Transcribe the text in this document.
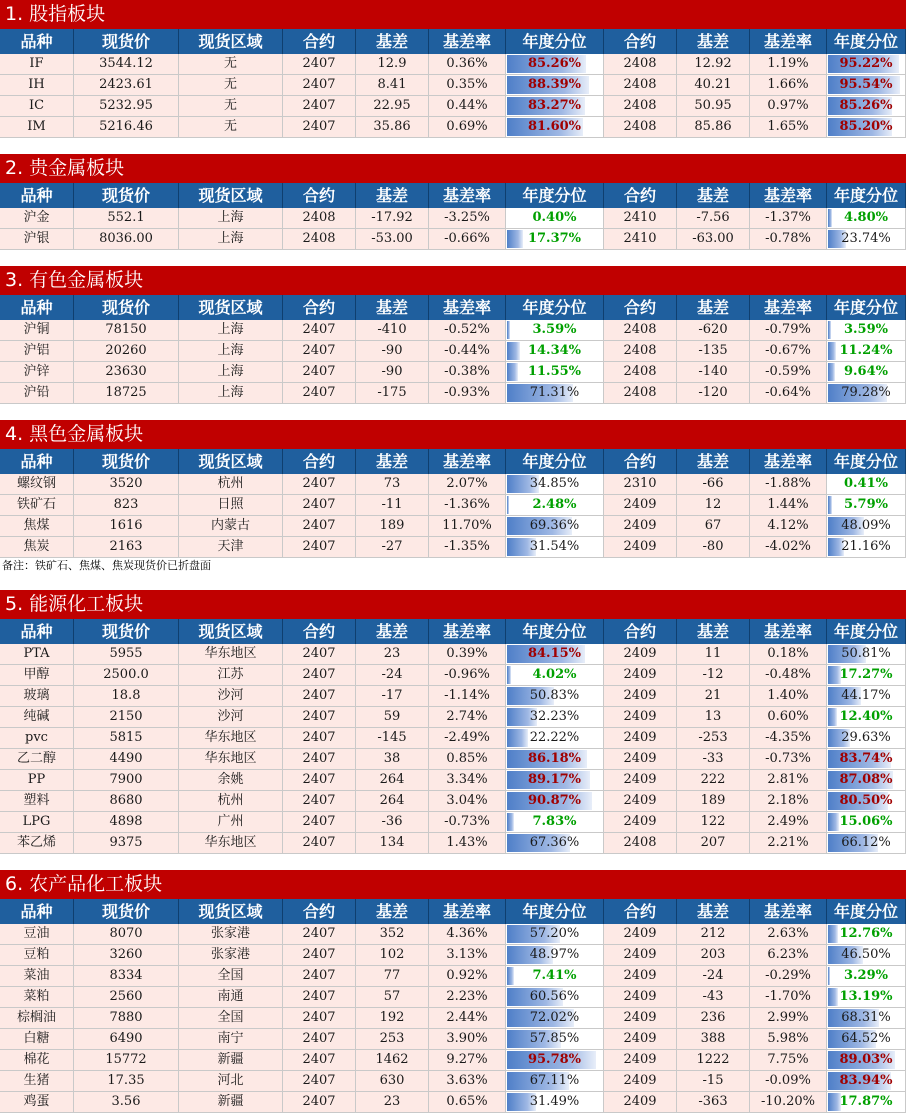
1. 股指板块
品种	现货价	现货区域	合约	基差	基差率	年度分位	合约	基差	基差率	年度分位
IF	3544.12	无	2407	12.9	0.36%	85.26%	2408	12.92	1.19%	95.22%
IH	2423.61	无	2407	8.41	0.35%	88.39%	2408	40.21	1.66%	95.54%
IC	5232.95	无	2407	22.95	0.44%	83.27%	2408	50.95	0.97%	85.26%
IM	5216.46	无	2407	35.86	0.69%	81.60%	2408	85.86	1.65%	85.20%
2. 贵金属板块
品种	现货价	现货区域	合约	基差	基差率	年度分位	合约	基差	基差率	年度分位
沪金	552.1	上海	2408	-17.92	-3.25%	0.40%	2410	-7.56	-1.37%	4.80%
沪银	8036.00	上海	2408	-53.00	-0.66%	17.37%	2410	-63.00	-0.78%	23.74%
3. 有色金属板块
品种	现货价	现货区域	合约	基差	基差率	年度分位	合约	基差	基差率	年度分位
沪铜	78150	上海	2407	-410	-0.52%	3.59%	2408	-620	-0.79%	3.59%
沪铝	20260	上海	2407	-90	-0.44%	14.34%	2408	-135	-0.67%	11.24%
沪锌	23630	上海	2407	-90	-0.38%	11.55%	2408	-140	-0.59%	9.64%
沪铅	18725	上海	2407	-175	-0.93%	71.31%	2408	-120	-0.64%	79.28%
4. 黑色金属板块
品种	现货价	现货区域	合约	基差	基差率	年度分位	合约	基差	基差率	年度分位
螺纹钢	3520	杭州	2407	73	2.07%	34.85%	2310	-66	-1.88%	0.41%
铁矿石	823	日照	2407	-11	-1.36%	2.48%	2409	12	1.44%	5.79%
焦煤	1616	内蒙古	2407	189	11.70%	69.36%	2409	67	4.12%	48.09%
焦炭	2163	天津	2407	-27	-1.35%	31.54%	2409	-80	-4.02%	21.16%
备注：铁矿石、焦煤、焦炭现货价已折盘面
5. 能源化工板块
品种	现货价	现货区域	合约	基差	基差率	年度分位	合约	基差	基差率	年度分位
PTA	5955	华东地区	2407	23	0.39%	84.15%	2409	11	0.18%	50.81%
甲醇	2500.0	江苏	2407	-24	-0.96%	4.02%	2409	-12	-0.48%	17.27%
玻璃	18.8	沙河	2407	-17	-1.14%	50.83%	2409	21	1.40%	44.17%
纯碱	2150	沙河	2407	59	2.74%	32.23%	2409	13	0.60%	12.40%
pvc	5815	华东地区	2407	-145	-2.49%	22.22%	2409	-253	-4.35%	29.63%
乙二醇	4490	华东地区	2407	38	0.85%	86.18%	2409	-33	-0.73%	83.74%
PP	7900	余姚	2407	264	3.34%	89.17%	2409	222	2.81%	87.08%
塑料	8680	杭州	2407	264	3.04%	90.87%	2409	189	2.18%	80.50%
LPG	4898	广州	2407	-36	-0.73%	7.83%	2409	122	2.49%	15.06%
苯乙烯	9375	华东地区	2407	134	1.43%	67.36%	2408	207	2.21%	66.12%
6. 农产品化工板块
品种	现货价	现货区域	合约	基差	基差率	年度分位	合约	基差	基差率	年度分位
豆油	8070	张家港	2407	352	4.36%	57.20%	2409	212	2.63%	12.76%
豆粕	3260	张家港	2407	102	3.13%	48.97%	2409	203	6.23%	46.50%
菜油	8334	全国	2407	77	0.92%	7.41%	2409	-24	-0.29%	3.29%
菜粕	2560	南通	2407	57	2.23%	60.56%	2409	-43	-1.70%	13.19%
棕榈油	7880	全国	2407	192	2.44%	72.02%	2409	236	2.99%	68.31%
白糖	6490	南宁	2407	253	3.90%	57.85%	2409	388	5.98%	64.52%
棉花	15772	新疆	2407	1462	9.27%	95.78%	2409	1222	7.75%	89.03%
生猪	17.35	河北	2407	630	3.63%	67.11%	2409	-15	-0.09%	83.94%
鸡蛋	3.56	新疆	2407	23	0.65%	31.49%	2409	-363	-10.20%	17.87%
